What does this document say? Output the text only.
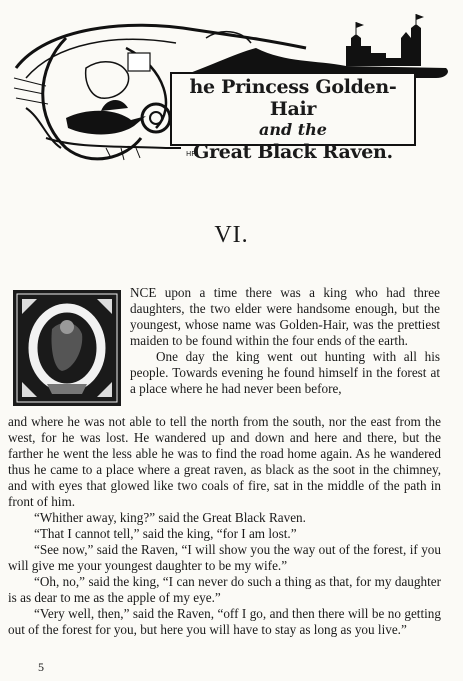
HR
he Princess Golden-Hair
and the
Great Black Raven.
VI.

NCE upon a time there was a king who had three daughters, the two elder were handsome enough, but the youngest, whose name was Golden-Hair, was the prettiest maiden to be found within the four ends of the earth.

One day the king went out hunting with all his people. Towards evening he found himself in the forest at a place where he had never been before,

and where he was not able to tell the north from the south, nor the east from the west, for he was lost. He wandered up and down and here and there, but the farther he went the less able he was to find the road home again. As he wandered thus he came to a place where a great raven, as black as the soot in the chimney, and with eyes that glowed like two coals of fire, sat in the middle of the path in front of him.

“Whither away, king?” said the Great Black Raven.

“That I cannot tell,” said the king, “for I am lost.”

“See now,” said the Raven, “I will show you the way out of the forest, if you will give me your youngest daughter to be my wife.”

“Oh, no,” said the king, “I can never do such a thing as that, for my daughter is as dear to me as the apple of my eye.”

“Very well, then,” said the Raven, “off I go, and then there will be no getting out of the forest for you, but here you will have to stay as long as you live.”

5
